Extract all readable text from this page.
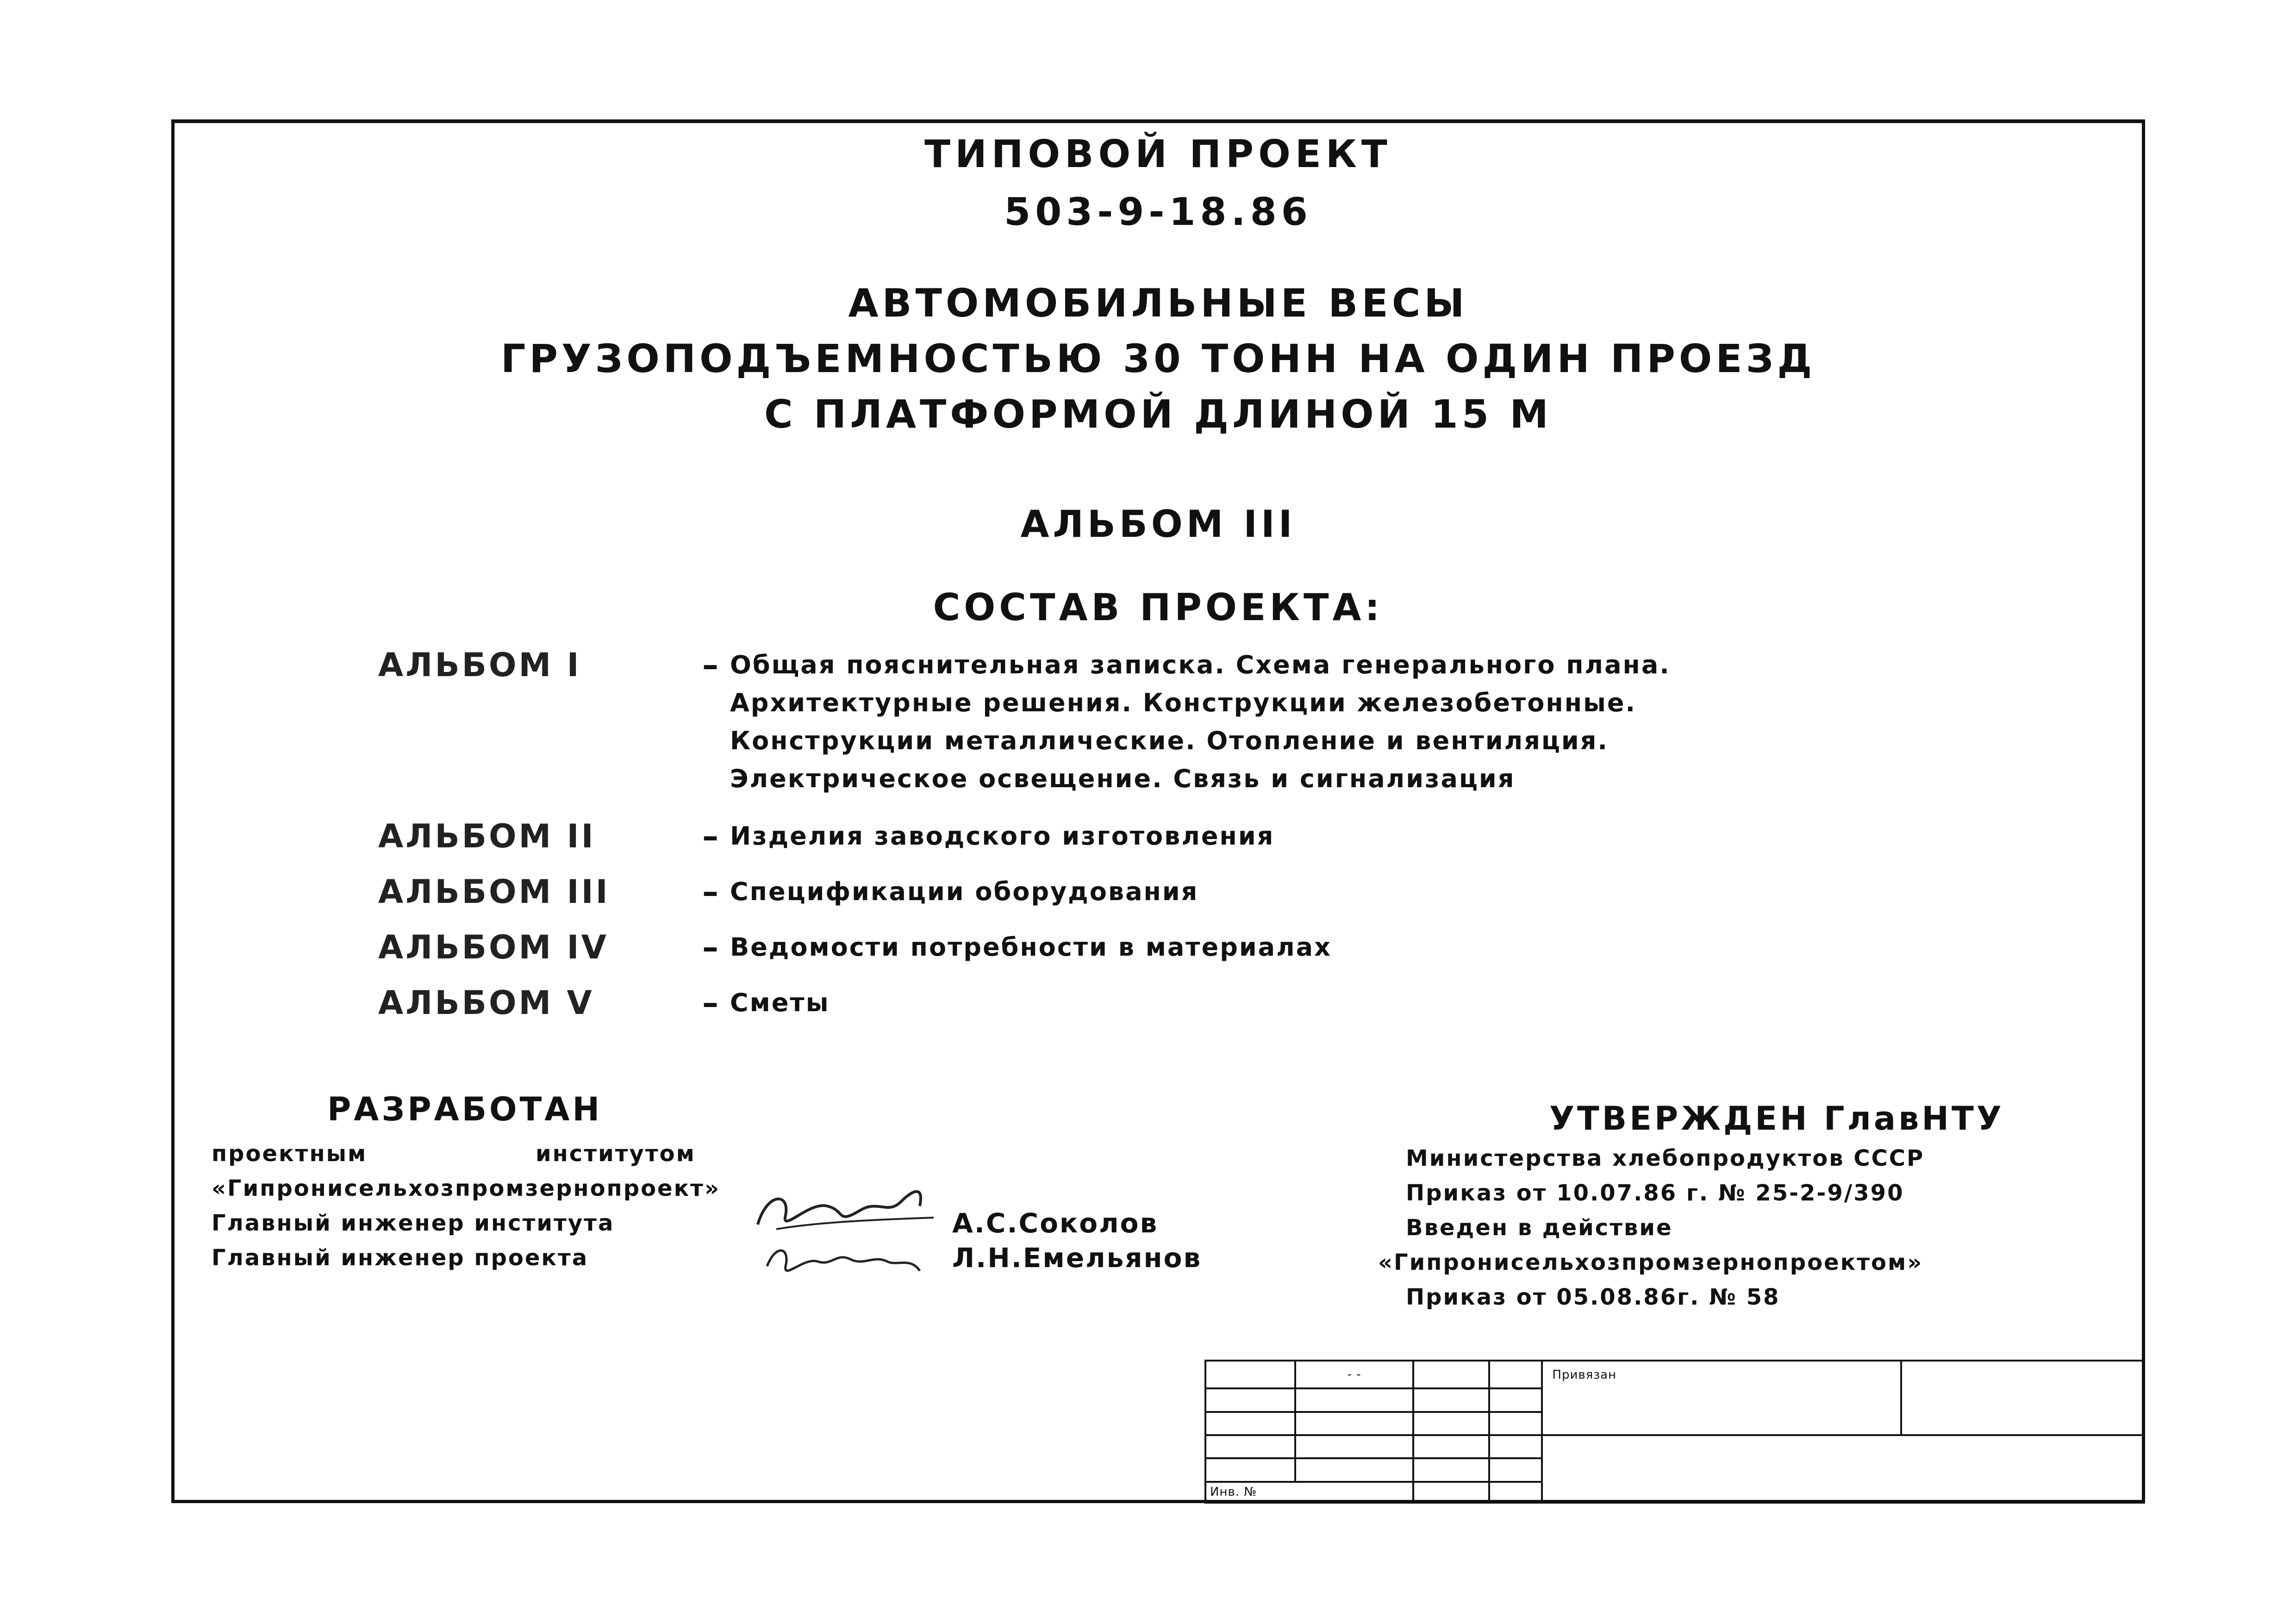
ТИПОВОЙ ПРОЕКТ
503-9-18.86
АВТОМОБИЛЬНЫЕ ВЕСЫ
ГРУЗОПОДЪЕМНОСТЬЮ 30 ТОНН НА ОДИН ПРОЕЗД
С ПЛАТФОРМОЙ ДЛИНОЙ 15 М
АЛЬБОМ III
СОСТАВ ПРОЕКТА:
АЛЬБОМ I	– Общая пояснительная записка. Схема генерального плана.
Архитектурные решения. Конструкции железобетонные.
Конструкции металлические. Отопление и вентиляция.
Электрическое освещение. Связь и сигнализация
АЛЬБОМ II	– Изделия заводского изготовления
АЛЬБОМ III	– Спецификации оборудования
АЛЬБОМ IV	– Ведомости потребности в материалах
АЛЬБОМ V	– Сметы
РАЗРАБОТАН
проектным	институтом
«Гипронисельхозпромзернопроект»
Главный инженер института	А.С.Соколов
Главный инженер проекта	Л.Н.Емельянов
УТВЕРЖДЕН ГлавНТУ
Министерства хлебопродуктов СССР
Приказ от 10.07.86 г. № 25-2-9/390
Введен в действие
«Гипронисельхозпромзернопроектом»
Приказ от 05.08.86г. № 58
	- -			Привязан	

Инв. №					
